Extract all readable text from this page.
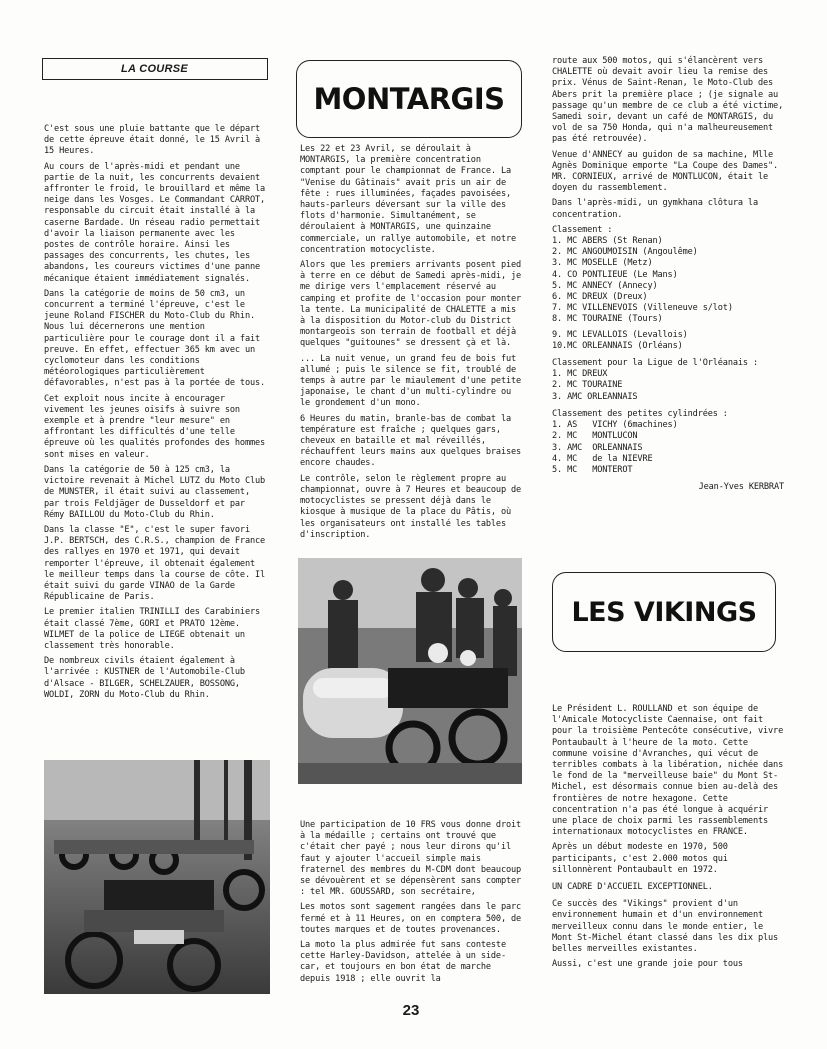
LA COURSE

C'est sous une pluie battante que le départ de cette épreuve était donné, le 15 Avril à 15 Heures.

Au cours de l'après-midi et pendant une partie de la nuit, les concurrents devaient affronter le froid, le brouillard et même la neige dans les Vosges. Le Commandant CARROT, responsable du circuit était installé à la caserne Bardade. Un réseau radio permettait d'avoir la liaison permanente avec les postes de contrôle horaire. Ainsi les passages des concurrents, les chutes, les abandons, les coureurs victimes d'une panne mécanique étaient immédiatement signalés.

Dans la catégorie de moins de 50 cm3, un concurrent a terminé l'épreuve, c'est le jeune Roland FISCHER du Moto-Club du Rhin. Nous lui décernerons une mention particulière pour le courage dont il a fait preuve. En effet, effectuer 365 km avec un cyclomoteur dans les conditions météorologiques particulièrement défavorables, n'est pas à la portée de tous.

Cet exploit nous incite à encourager vivement les jeunes oisifs à suivre son exemple et à prendre "leur mesure" en affrontant les difficultés d'une telle épreuve où les qualités profondes des hommes sont mises en valeur.

Dans la catégorie de 50 à 125 cm3, la victoire revenait à Michel LUTZ du Moto Club de MUNSTER, il était suivi au classement, par trois Feldjäger de Dusseldorf et par Rémy BAILLOU du Moto-Club du Rhin.

Dans la classe "E", c'est le super favori J.P. BERTSCH, des C.R.S., champion de France des rallyes en 1970 et 1971, qui devait remporter l'épreuve, il obtenait également le meilleur temps dans la course de côte. Il était suivi du garde VINAO de la Garde Républicaine de Paris.

Le premier italien TRINILLI des Carabiniers était classé 7ème, GORI et PRATO 12ème. WILMET de la police de LIEGE obtenait un classement très honorable.

De nombreux civils étaient également à l'arrivée : KUSTNER de l'Automobile-Club d'Alsace - BILGER, SCHELZAUER, BOSSONG, WOLDI, ZORN du Moto-Club du Rhin.

MONTARGIS

Les 22 et 23 Avril, se déroulait à MONTARGIS, la première concentration comptant pour le championnat de France. La "Venise du Gâtinais" avait pris un air de fête : rues illuminées, façades pavoisées, hauts-parleurs déversant sur la ville des flots d'harmonie. Simultanément, se déroulaient à MONTARGIS, une quinzaine commerciale, un rallye automobile, et notre concentration motocycliste.

Alors que les premiers arrivants posent pied à terre en ce début de Samedi après-midi, je me dirige vers l'emplacement réservé au camping et profite de l'occasion pour monter la tente. La municipalité de CHALETTE a mis à la disposition du Motor-club du District montargeois son terrain de football et déjà quelques "guitounes" se dressent çà et là.

... La nuit venue, un grand feu de bois fut allumé ; puis le silence se fit, troublé de temps à autre par le miaulement d'une petite japonaise, le chant d'un multi-cylindre ou le grondement d'un mono.

6 Heures du matin, branle-bas de combat la température est fraîche ; quelques gars, cheveux en bataille et mal réveillés, réchauffent leurs mains aux quelques braises encore chaudes.

Le contrôle, selon le règlement propre au championnat, ouvre à 7 Heures et beaucoup de motocyclistes se pressent déjà dans le kiosque à musique de la place du Pâtis, où les organisateurs ont installé les tables d'inscription.

Une participation de 10 FRS vous donne droit à la médaille ; certains ont trouvé que c'était cher payé ; nous leur dirons qu'il faut y ajouter l'accueil simple mais fraternel des membres du M-CDM dont beaucoup se dévouèrent et se dépensèrent sans compter : tel MR. GOUSSARD, son secrétaire,

Les motos sont sagement rangées dans le parc fermé et à 11 Heures, on en comptera 500, de toutes marques et de toutes provenances.

La moto la plus admirée fut sans conteste cette Harley-Davidson, attelée à un side-car, et toujours en bon état de marche depuis 1918 ; elle ouvrit la

route aux 500 motos, qui s'élancèrent vers CHALETTE où devait avoir lieu la remise des prix. Vénus de Saint-Renan, le Moto-Club des Abers prit la première place ; (je signale au passage qu'un membre de ce club a été victime, Samedi soir, devant un café de MONTARGIS, du vol de sa 750 Honda, qui n'a malheureusement pas été retrouvée).

Venue d'ANNECY au guidon de sa machine, Mlle Agnès Dominique emporte "La Coupe des Dames". MR. CORNIEUX, arrivé de MONTLUCON, était le doyen du rassemblement.

Dans l'après-midi, un gymkhana clôtura la concentration.

Classement :

1. MC ABERS (St Renan)

2. MC ANGOUMOISIN (Angoulême)

3. MC MOSELLE (Metz)

4. CO PONTLIEUE (Le Mans)

5. MC ANNECY (Annecy)

6. MC DREUX (Dreux)

7. MC VILLENEVOIS (Villeneuve s/lot)

8. MC TOURAINE (Tours)

9. MC LEVALLOIS (Levallois)

10.MC ORLEANNAIS (Orléans)

Classement pour la Ligue de l'Orléanais :

1. MC DREUX

2. MC TOURAINE

3. AMC ORLEANNAIS

Classement des petites cylindrées :

1. AS   VICHY (6machines)

2. MC   MONTLUCON

3. AMC  ORLEANNAIS

4. MC   de la NIEVRE

5. MC   MONTEROT

Jean-Yves KERBRAT

LES VIKINGS

Le Président L. ROULLAND et son équipe de l'Amicale Motocycliste Caennaise, ont fait pour la troisième Pentecôte consécutive, vivre Pontaubault à l'heure de la moto. Cette commune voisine d'Avranches, qui vécut de terribles combats à la libération, nichée dans le fond de la "merveilleuse baie" du Mont St-Michel, est désormais connue bien au-delà des frontières de notre hexagone. Cette concentration n'a pas été longue à acquérir une place de choix parmi les rassemblements internationaux motocyclistes en FRANCE.

Après un début modeste en 1970, 500 participants, c'est 2.000 motos qui sillonnèrent Pontaubault en 1972.

UN CADRE D'ACCUEIL EXCEPTIONNEL.

Ce succès des "Vikings" provient d'un environnement humain et d'un environnement merveilleux connu dans le monde entier, le Mont St-Michel étant classé dans les dix plus belles merveilles existantes.

Aussi, c'est une grande joie pour tous

23
